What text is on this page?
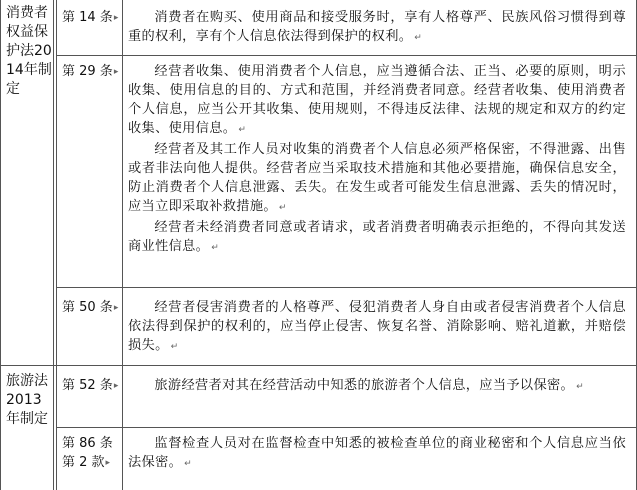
消费者权益保护法2014年制定
旅游法2013年制定
第 14 条▸
第 29 条▸
第 50 条▸
第 52 条▸
第 86 条第 2 款▸

消费者在购买、使用商品和接受服务时，享有人格尊严、民族风俗习惯得到尊重的权利，享有个人信息依法得到保护的权利。 ↵

经营者收集、使用消费者个人信息，应当遵循合法、正当、必要的原则，明示收集、使用信息的目的、方式和范围，并经消费者同意。经营者收集、使用消费者个人信息，应当公开其收集、使用规则，不得违反法律、法规的规定和双方的约定收集、使用信息。 ↵

经营者及其工作人员对收集的消费者个人信息必须严格保密，不得泄露、出售或者非法向他人提供。经营者应当采取技术措施和其他必要措施，确保信息安全，防止消费者个人信息泄露、丢失。在发生或者可能发生信息泄露、丢失的情况时，应当立即采取补救措施。 ↵

经营者未经消费者同意或者请求，或者消费者明确表示拒绝的，不得向其发送商业性信息。 ↵

经营者侵害消费者的人格尊严、侵犯消费者人身自由或者侵害消费者个人信息依法得到保护的权利的，应当停止侵害、恢复名誉、消除影响、赔礼道歉，并赔偿损失。 ↵

旅游经营者对其在经营活动中知悉的旅游者个人信息，应当予以保密。 ↵

监督检查人员对在监督检查中知悉的被检查单位的商业秘密和个人信息应当依法保密。 ↵
